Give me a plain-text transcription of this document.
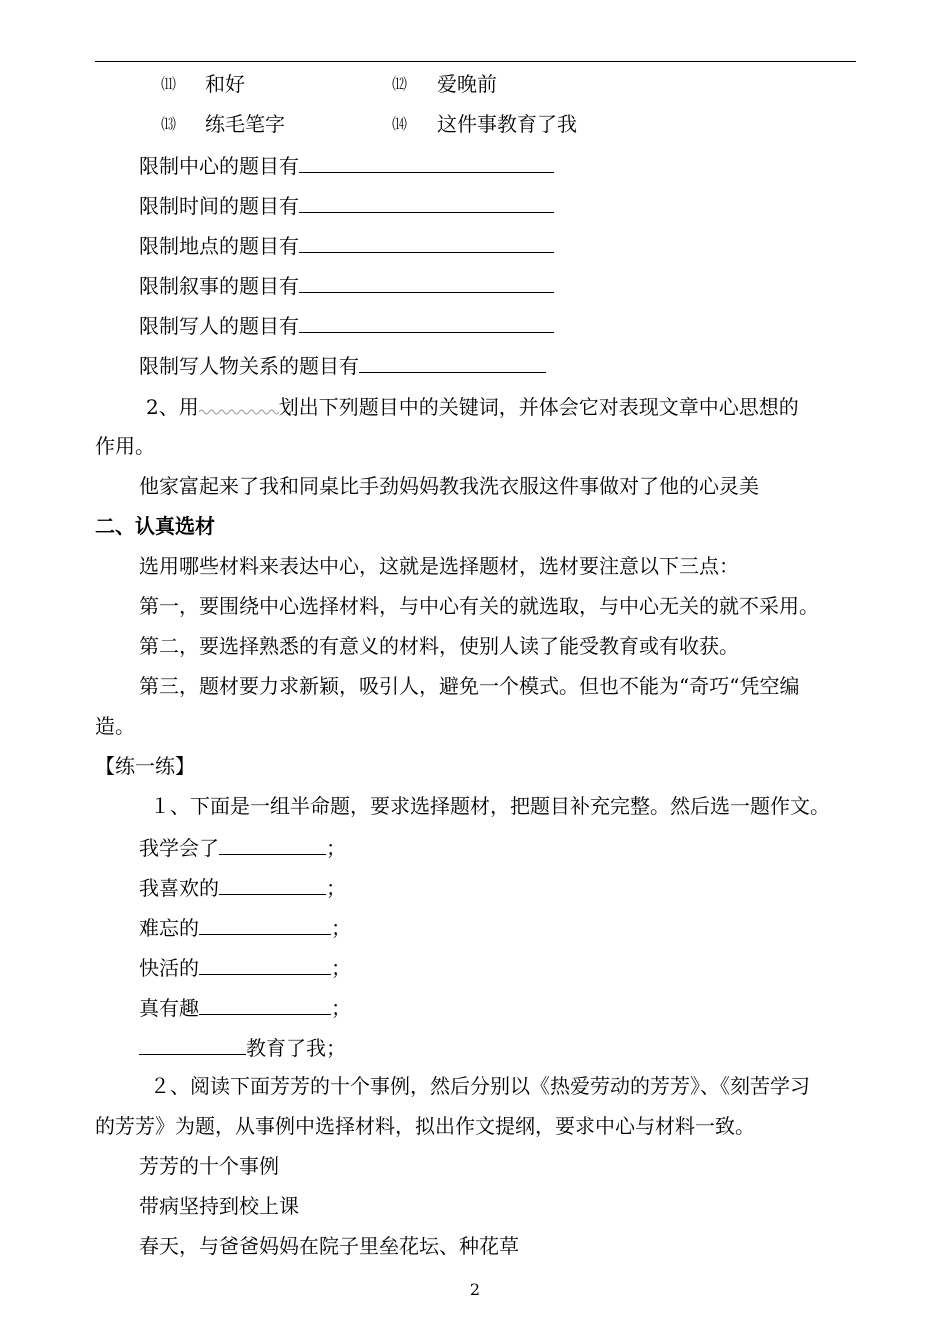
⑾ 和好	⑿ 爱晚前
⒀ 练毛笔字	⒁ 这件事教育了我
限制中心的题目有
限制时间的题目有
限制地点的题目有
限制叙事的题目有
限制写人的题目有
限制写人物关系的题目有
2、用	划出下列题目中的关键词，并体会它对表现文章中心思想的
作用。
他家富起来了我和同桌比手劲妈妈教我洗衣服这件事做对了他的心灵美
二、认真选材
选用哪些材料来表达中心，这就是选择题材，选材要注意以下三点：
第一，要围绕中心选择材料，与中心有关的就选取，与中心无关的就不采用。
第二，要选择熟悉的有意义的材料，使别人读了能受教育或有收获。
第三，题材要力求新颖，吸引人，避免一个模式。但也不能为“奇巧“凭空编
造。
【练一练】
１、下面是一组半命题，要求选择题材，把题目补充完整。然后选一题作文。
我学会了	；
我喜欢的	；
难忘的	；
快活的	；
真有趣	；
教育了我；
２、阅读下面芳芳的十个事例，然后分别以《热爱劳动的芳芳》、《刻苦学习
的芳芳》为题，从事例中选择材料，拟出作文提纲，要求中心与材料一致。
芳芳的十个事例
带病坚持到校上课
春天，与爸爸妈妈在院子里垒花坛、种花草
2
